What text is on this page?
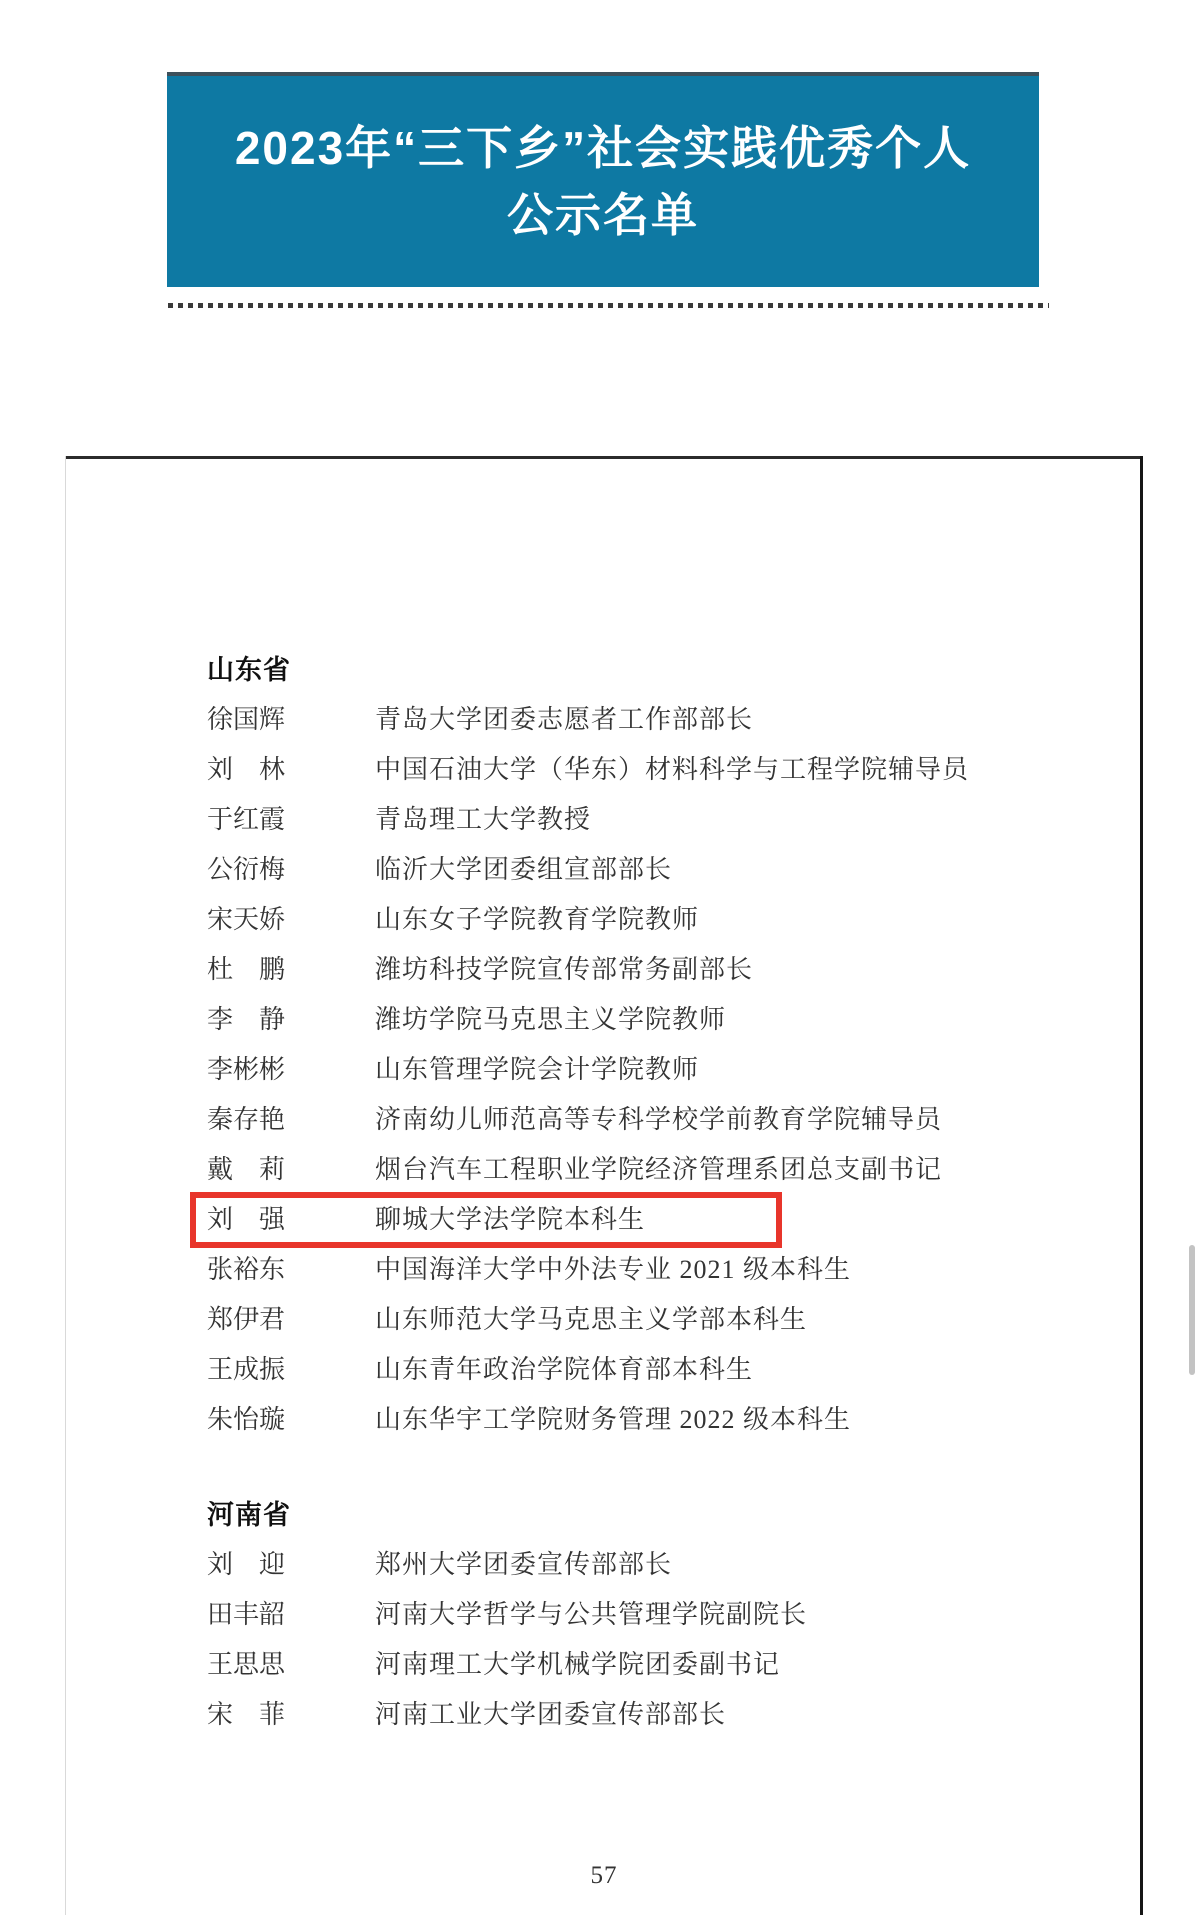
2023年“三下乡”社会实践优秀个人
公示名单
山东省
徐国辉	青岛大学团委志愿者工作部部长
刘　林	中国石油大学（华东）材料科学与工程学院辅导员
于红霞	青岛理工大学教授
公衍梅	临沂大学团委组宣部部长
宋天娇	山东女子学院教育学院教师
杜　鹏	潍坊科技学院宣传部常务副部长
李　静	潍坊学院马克思主义学院教师
李彬彬	山东管理学院会计学院教师
秦存艳	济南幼儿师范高等专科学校学前教育学院辅导员
戴　莉	烟台汽车工程职业学院经济管理系团总支副书记
刘　强	聊城大学法学院本科生
张裕东	中国海洋大学中外法专业 2021 级本科生
郑伊君	山东师范大学马克思主义学部本科生
王成振	山东青年政治学院体育部本科生
朱怡璇	山东华宇工学院财务管理 2022 级本科生
河南省
刘　迎	郑州大学团委宣传部部长
田丰韶	河南大学哲学与公共管理学院副院长
王思思	河南理工大学机械学院团委副书记
宋　菲	河南工业大学团委宣传部部长
57
